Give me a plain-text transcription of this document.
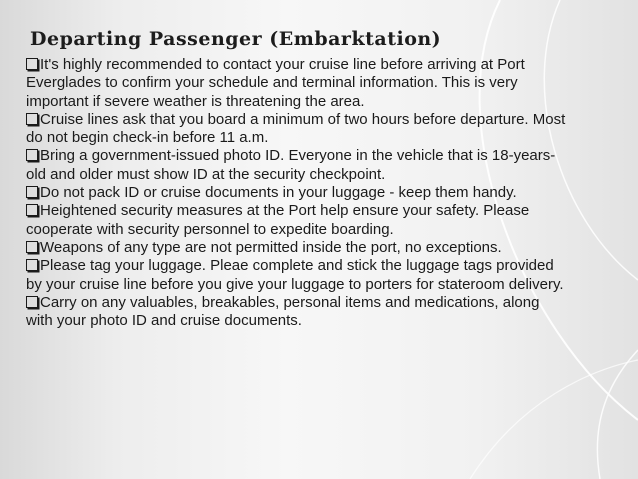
Departing Passenger (Embarktation)
It's highly recommended to contact your cruise line before arriving at Port Everglades to confirm your schedule and terminal information. This is very important if severe weather is threatening the area.
Cruise lines ask that you board a minimum of two hours before departure. Most do not begin check-in before 11 a.m.
Bring a government-issued photo ID. Everyone in the vehicle that is 18-years-old and older must show ID at the security checkpoint.
Do not pack ID or cruise documents in your luggage - keep them handy.
Heightened security measures at the Port help ensure your safety. Please cooperate with security personnel to expedite boarding.
Weapons of any type are not permitted inside the port, no exceptions.
Please tag your luggage. Pleae complete and stick the luggage tags provided by your cruise line before you give your luggage to porters for stateroom delivery.
Carry on any valuables, breakables, personal items and medications, along with your photo ID and cruise documents.
